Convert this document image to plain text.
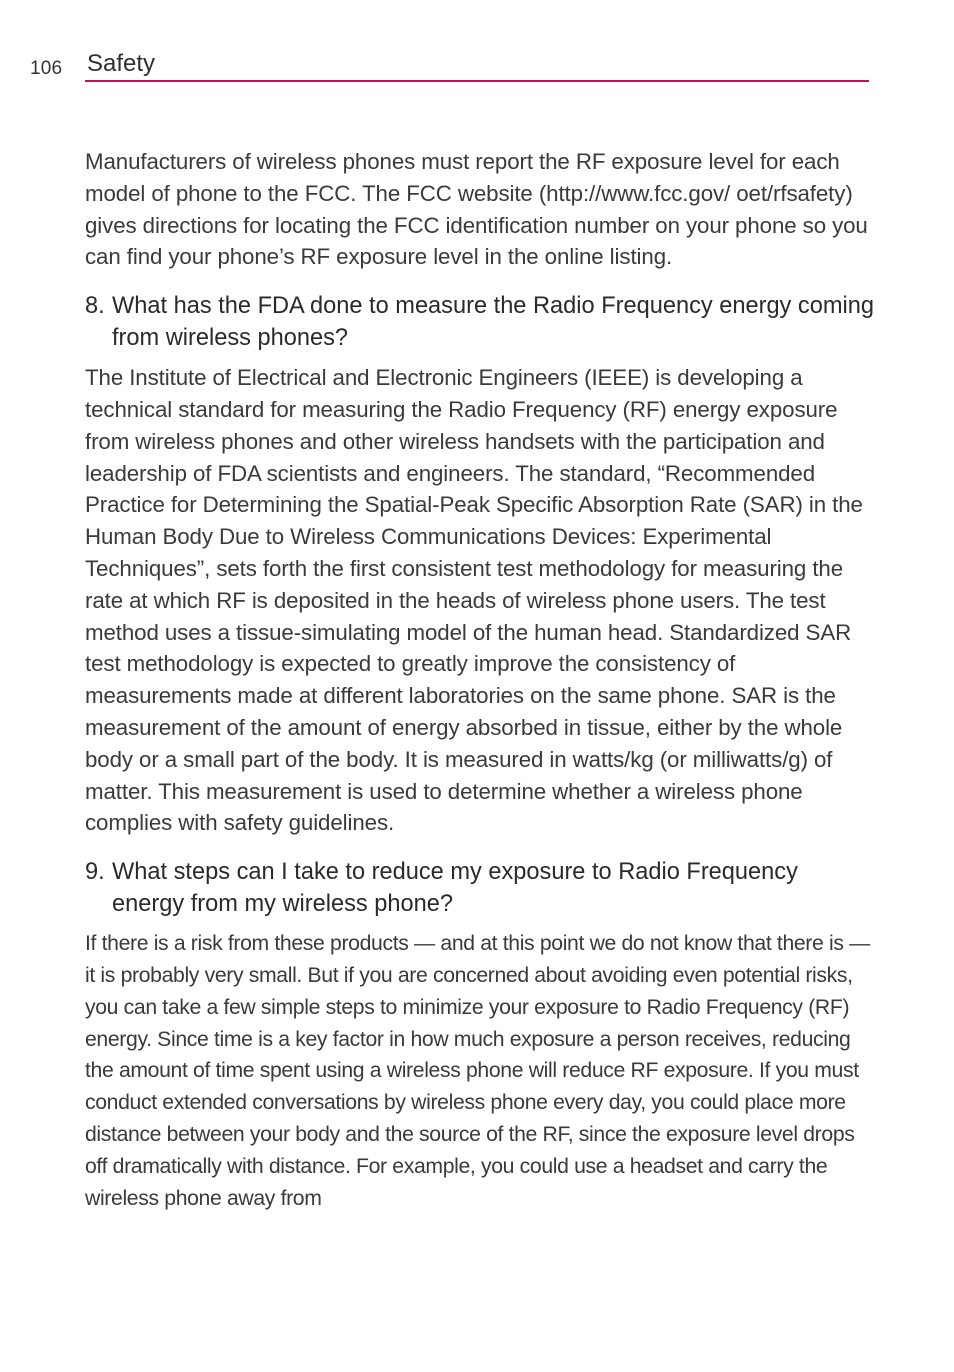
106 Safety

Manufacturers of wireless phones must report the RF exposure level for each model of phone to the FCC. The FCC website (http://www.fcc.gov/ oet/rfsafety) gives directions for locating the FCC identification number on your phone so you can find your phone’s RF exposure level in the online listing.

8. What has the FDA done to measure the Radio Frequency energy coming from wireless phones?

The Institute of Electrical and Electronic Engineers (IEEE) is developing a technical standard for measuring the Radio Frequency (RF) energy exposure from wireless phones and other wireless handsets with the participation and leadership of FDA scientists and engineers. The standard, “Recommended Practice for Determining the Spatial-Peak Specific Absorption Rate (SAR) in the Human Body Due to Wireless Communications Devices: Experimental Techniques”, sets forth the first consistent test methodology for measuring the rate at which RF is deposited in the heads of wireless phone users. The test method uses a tissue-simulating model of the human head. Standardized SAR test methodology is expected to greatly improve the consistency of measurements made at different laboratories on the same phone. SAR is the measurement of the amount of energy absorbed in tissue, either by the whole body or a small part of the body. It is measured in watts/kg (or milliwatts/g) of matter. This measurement is used to determine whether a wireless phone complies with safety guidelines.

9. What steps can I take to reduce my exposure to Radio Frequency energy from my wireless phone?

If there is a risk from these products — and at this point we do not know that there is — it is probably very small. But if you are concerned about avoiding even potential risks, you can take a few simple steps to minimize your exposure to Radio Frequency (RF) energy. Since time is a key factor in how much exposure a person receives, reducing the amount of time spent using a wireless phone will reduce RF exposure. If you must conduct extended conversations by wireless phone every day, you could place more distance between your body and the source of the RF, since the exposure level drops off dramatically with distance. For example, you could use a headset and carry the wireless phone away from
